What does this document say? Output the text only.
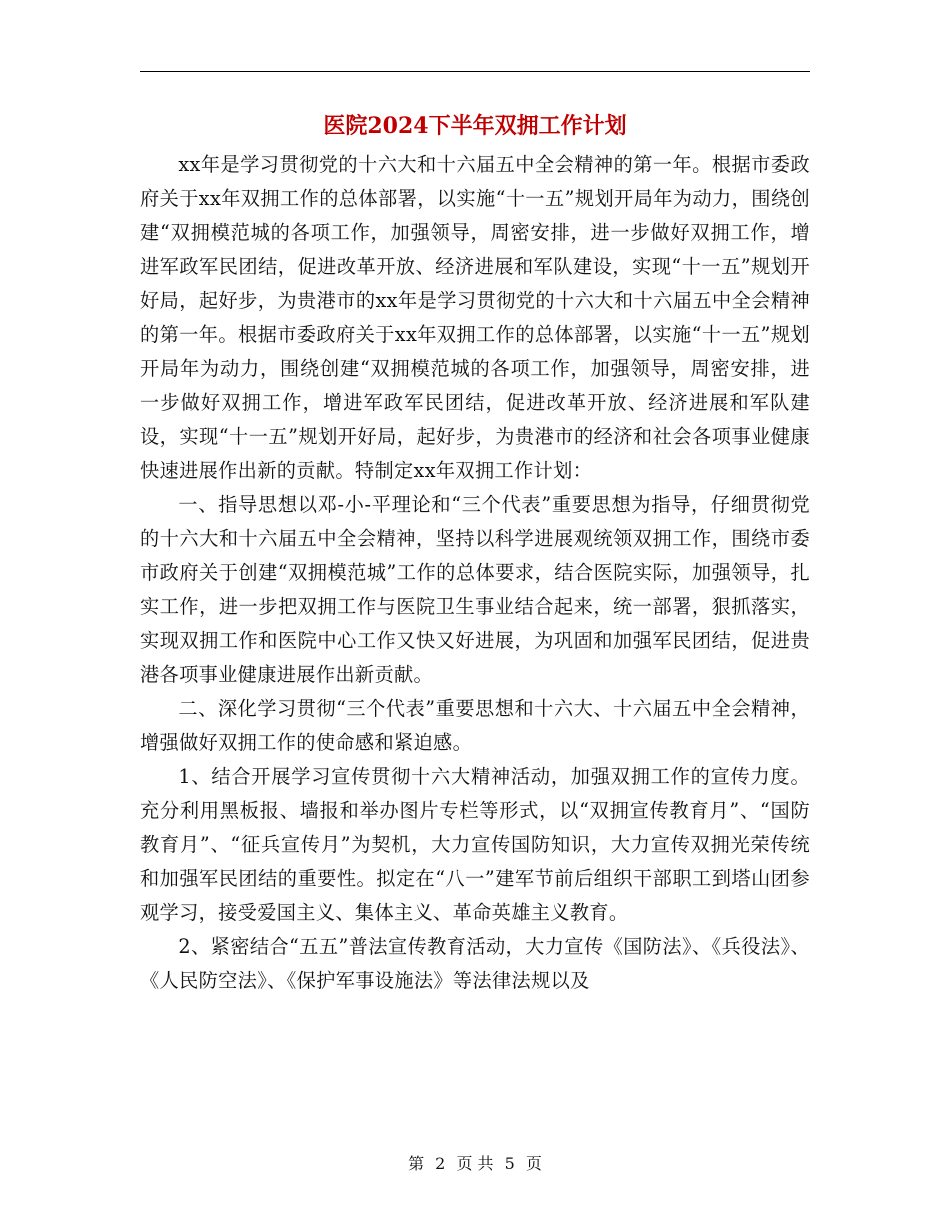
医院2024下半年双拥工作计划

xx年是学习贯彻党的十六大和十六届五中全会精神的第一年。根据市委政府关于xx年双拥工作的总体部署，以实施“十一五”规划开局年为动力，围绕创建“双拥模范城的各项工作，加强领导，周密安排，进一步做好双拥工作，增进军政军民团结，促进改革开放、经济进展和军队建设，实现“十一五”规划开好局，起好步，为贵港市的xx年是学习贯彻党的十六大和十六届五中全会精神的第一年。根据市委政府关于xx年双拥工作的总体部署，以实施“十一五”规划开局年为动力，围绕创建“双拥模范城的各项工作，加强领导，周密安排，进一步做好双拥工作，增进军政军民团结，促进改革开放、经济进展和军队建设，实现“十一五”规划开好局，起好步，为贵港市的经济和社会各项事业健康快速进展作出新的贡献。特制定xx年双拥工作计划：

一、指导思想以邓-小-平理论和“三个代表”重要思想为指导，仔细贯彻党的十六大和十六届五中全会精神，坚持以科学进展观统领双拥工作，围绕市委市政府关于创建“双拥模范城”工作的总体要求，结合医院实际，加强领导，扎实工作，进一步把双拥工作与医院卫生事业结合起来，统一部署，狠抓落实，实现双拥工作和医院中心工作又快又好进展，为巩固和加强军民团结，促进贵港各项事业健康进展作出新贡献。

二、深化学习贯彻“三个代表”重要思想和十六大、十六届五中全会精神，增强做好双拥工作的使命感和紧迫感。

1、结合开展学习宣传贯彻十六大精神活动，加强双拥工作的宣传力度。充分利用黑板报、墙报和举办图片专栏等形式，以“双拥宣传教育月”、“国防教育月”、“征兵宣传月”为契机，大力宣传国防知识，大力宣传双拥光荣传统和加强军民团结的重要性。拟定在“八一”建军节前后组织干部职工到塔山团参观学习，接受爱国主义、集体主义、革命英雄主义教育。

2、紧密结合“五五”普法宣传教育活动，大力宣传《国防法》、《兵役法》、《人民防空法》、《保护军事设施法》等法律法规以及

第 2 页 共 5 页
